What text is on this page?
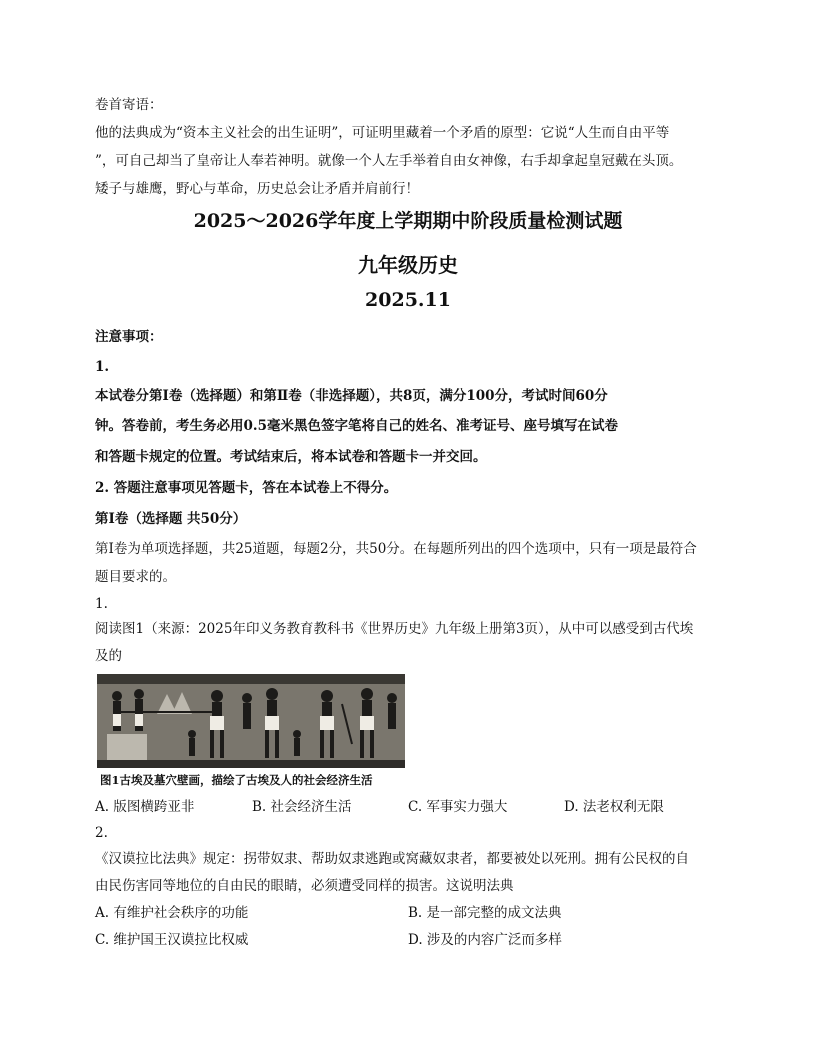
卷首寄语：
他的法典成为“资本主义社会的出生证明”，可证明里藏着一个矛盾的原型：它说“人生而自由平等
”，可自己却当了皇帝让人奉若神明。就像一个人左手举着自由女神像，右手却拿起皇冠戴在头顶。
矮子与雄鹰，野心与革命，历史总会让矛盾并肩前行！
2025～2026学年度上学期期中阶段质量检测试题
九年级历史
2025.11
注意事项：
1.
本试卷分第Ⅰ卷（选择题）和第Ⅱ卷（非选择题），共8页，满分100分，考试时间60分
钟。答卷前，考生务必用0.5毫米黑色签字笔将自己的姓名、准考证号、座号填写在试卷
和答题卡规定的位置。考试结束后，将本试卷和答题卡一并交回。
2. 答题注意事项见答题卡，答在本试卷上不得分。
第Ⅰ卷（选择题 共50分）
第Ⅰ卷为单项选择题，共25道题，每题2分，共50分。在每题所列出的四个选项中，只有一项是最符合
题目要求的。
1.
阅读图1（来源：2025年印义务教育教科书《世界历史》九年级上册第3页），从中可以感受到古代埃
及的
图1古埃及墓穴壁画，描绘了古埃及人的社会经济生活
A. 版图横跨亚非	B. 社会经济生活	C. 军事实力强大	D. 法老权利无限
2.
《汉谟拉比法典》规定：拐带奴隶、帮助奴隶逃跑或窝藏奴隶者，都要被处以死刑。拥有公民权的自
由民伤害同等地位的自由民的眼睛，必须遭受同样的损害。这说明法典
A. 有维护社会秩序的功能	B. 是一部完整的成文法典
C. 维护国王汉谟拉比权威	D. 涉及的内容广泛而多样
